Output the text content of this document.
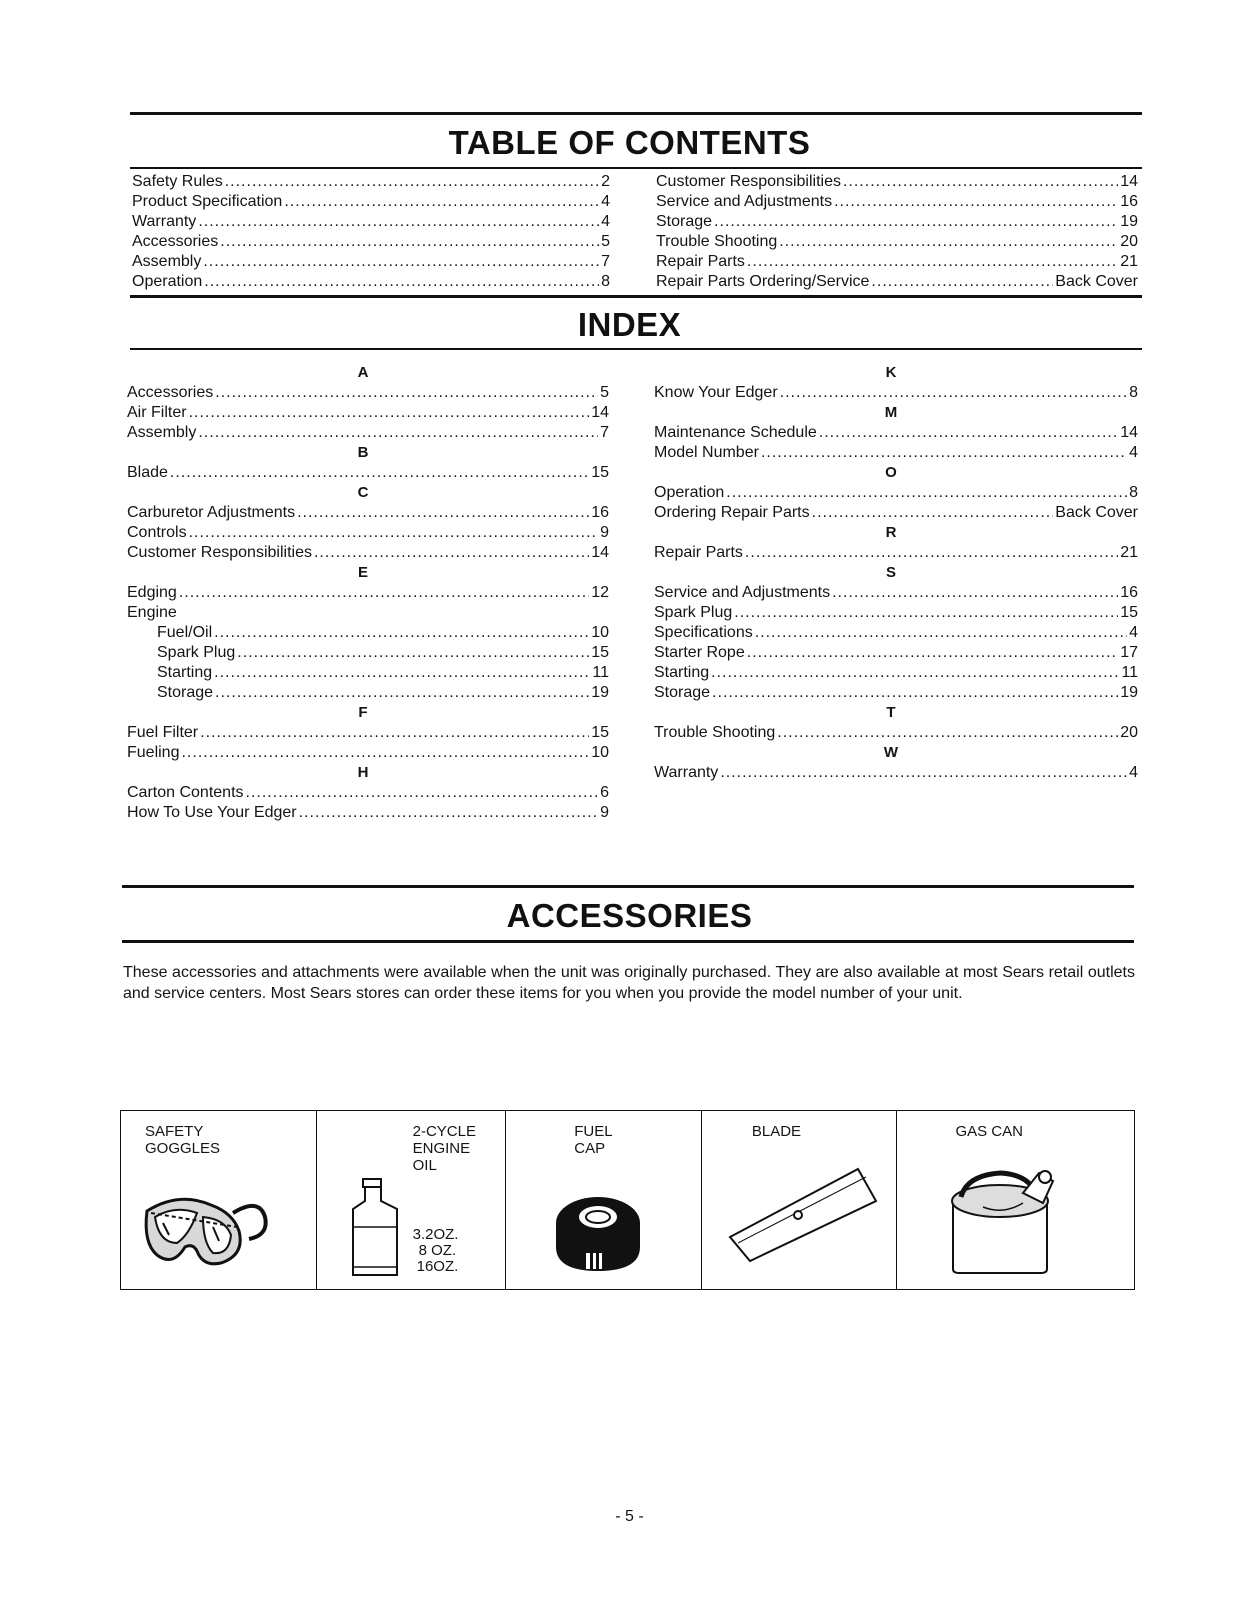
TABLE OF CONTENTS
Safety Rules .....	2
Product Specification .....	4
Warranty .....	4
Accessories .....	5
Assembly .....	7
Operation .....	8
Customer Responsibilities .....	14
Service and Adjustments .....	16
Storage .....	19
Trouble Shooting .....	20
Repair Parts .....	21
Repair Parts Ordering/Service .....	Back Cover
INDEX
A
Accessories .....	5
Air Filter .....	14
Assembly .....	7
B
Blade .....	15
C
Carburetor Adjustments .....	16
Controls .....	9
Customer Responsibilities .....	14
E
Edging .....	12
Engine
Fuel/Oil .....	10
Spark Plug .....	15
Starting .....	11
Storage .....	19
F
Fuel Filter .....	15
Fueling .....	10
H
Carton Contents .....	6
How To Use Your Edger .....	9
K
Know Your Edger .....	8
M
Maintenance Schedule .....	14
Model Number .....	4
O
Operation .....	8
Ordering Repair Parts .....	Back Cover
R
Repair Parts .....	21
S
Service and Adjustments .....	16
Spark Plug .....	15
Specifications .....	4
Starter Rope .....	17
Starting .....	11
Storage .....	19
T
Trouble Shooting .....	20
W
Warranty .....	4
ACCESSORIES
These accessories and attachments were available when the unit was originally purchased. They are also available at most Sears retail outlets and service centers. Most Sears stores can order these items for you when you provide the model number of your unit.
SAFETY
GOGGLES
2-CYCLE
ENGINE
OIL
3.2OZ.
8 OZ.
16OZ.
FUEL
CAP
BLADE	GAS CAN
- 5 -
